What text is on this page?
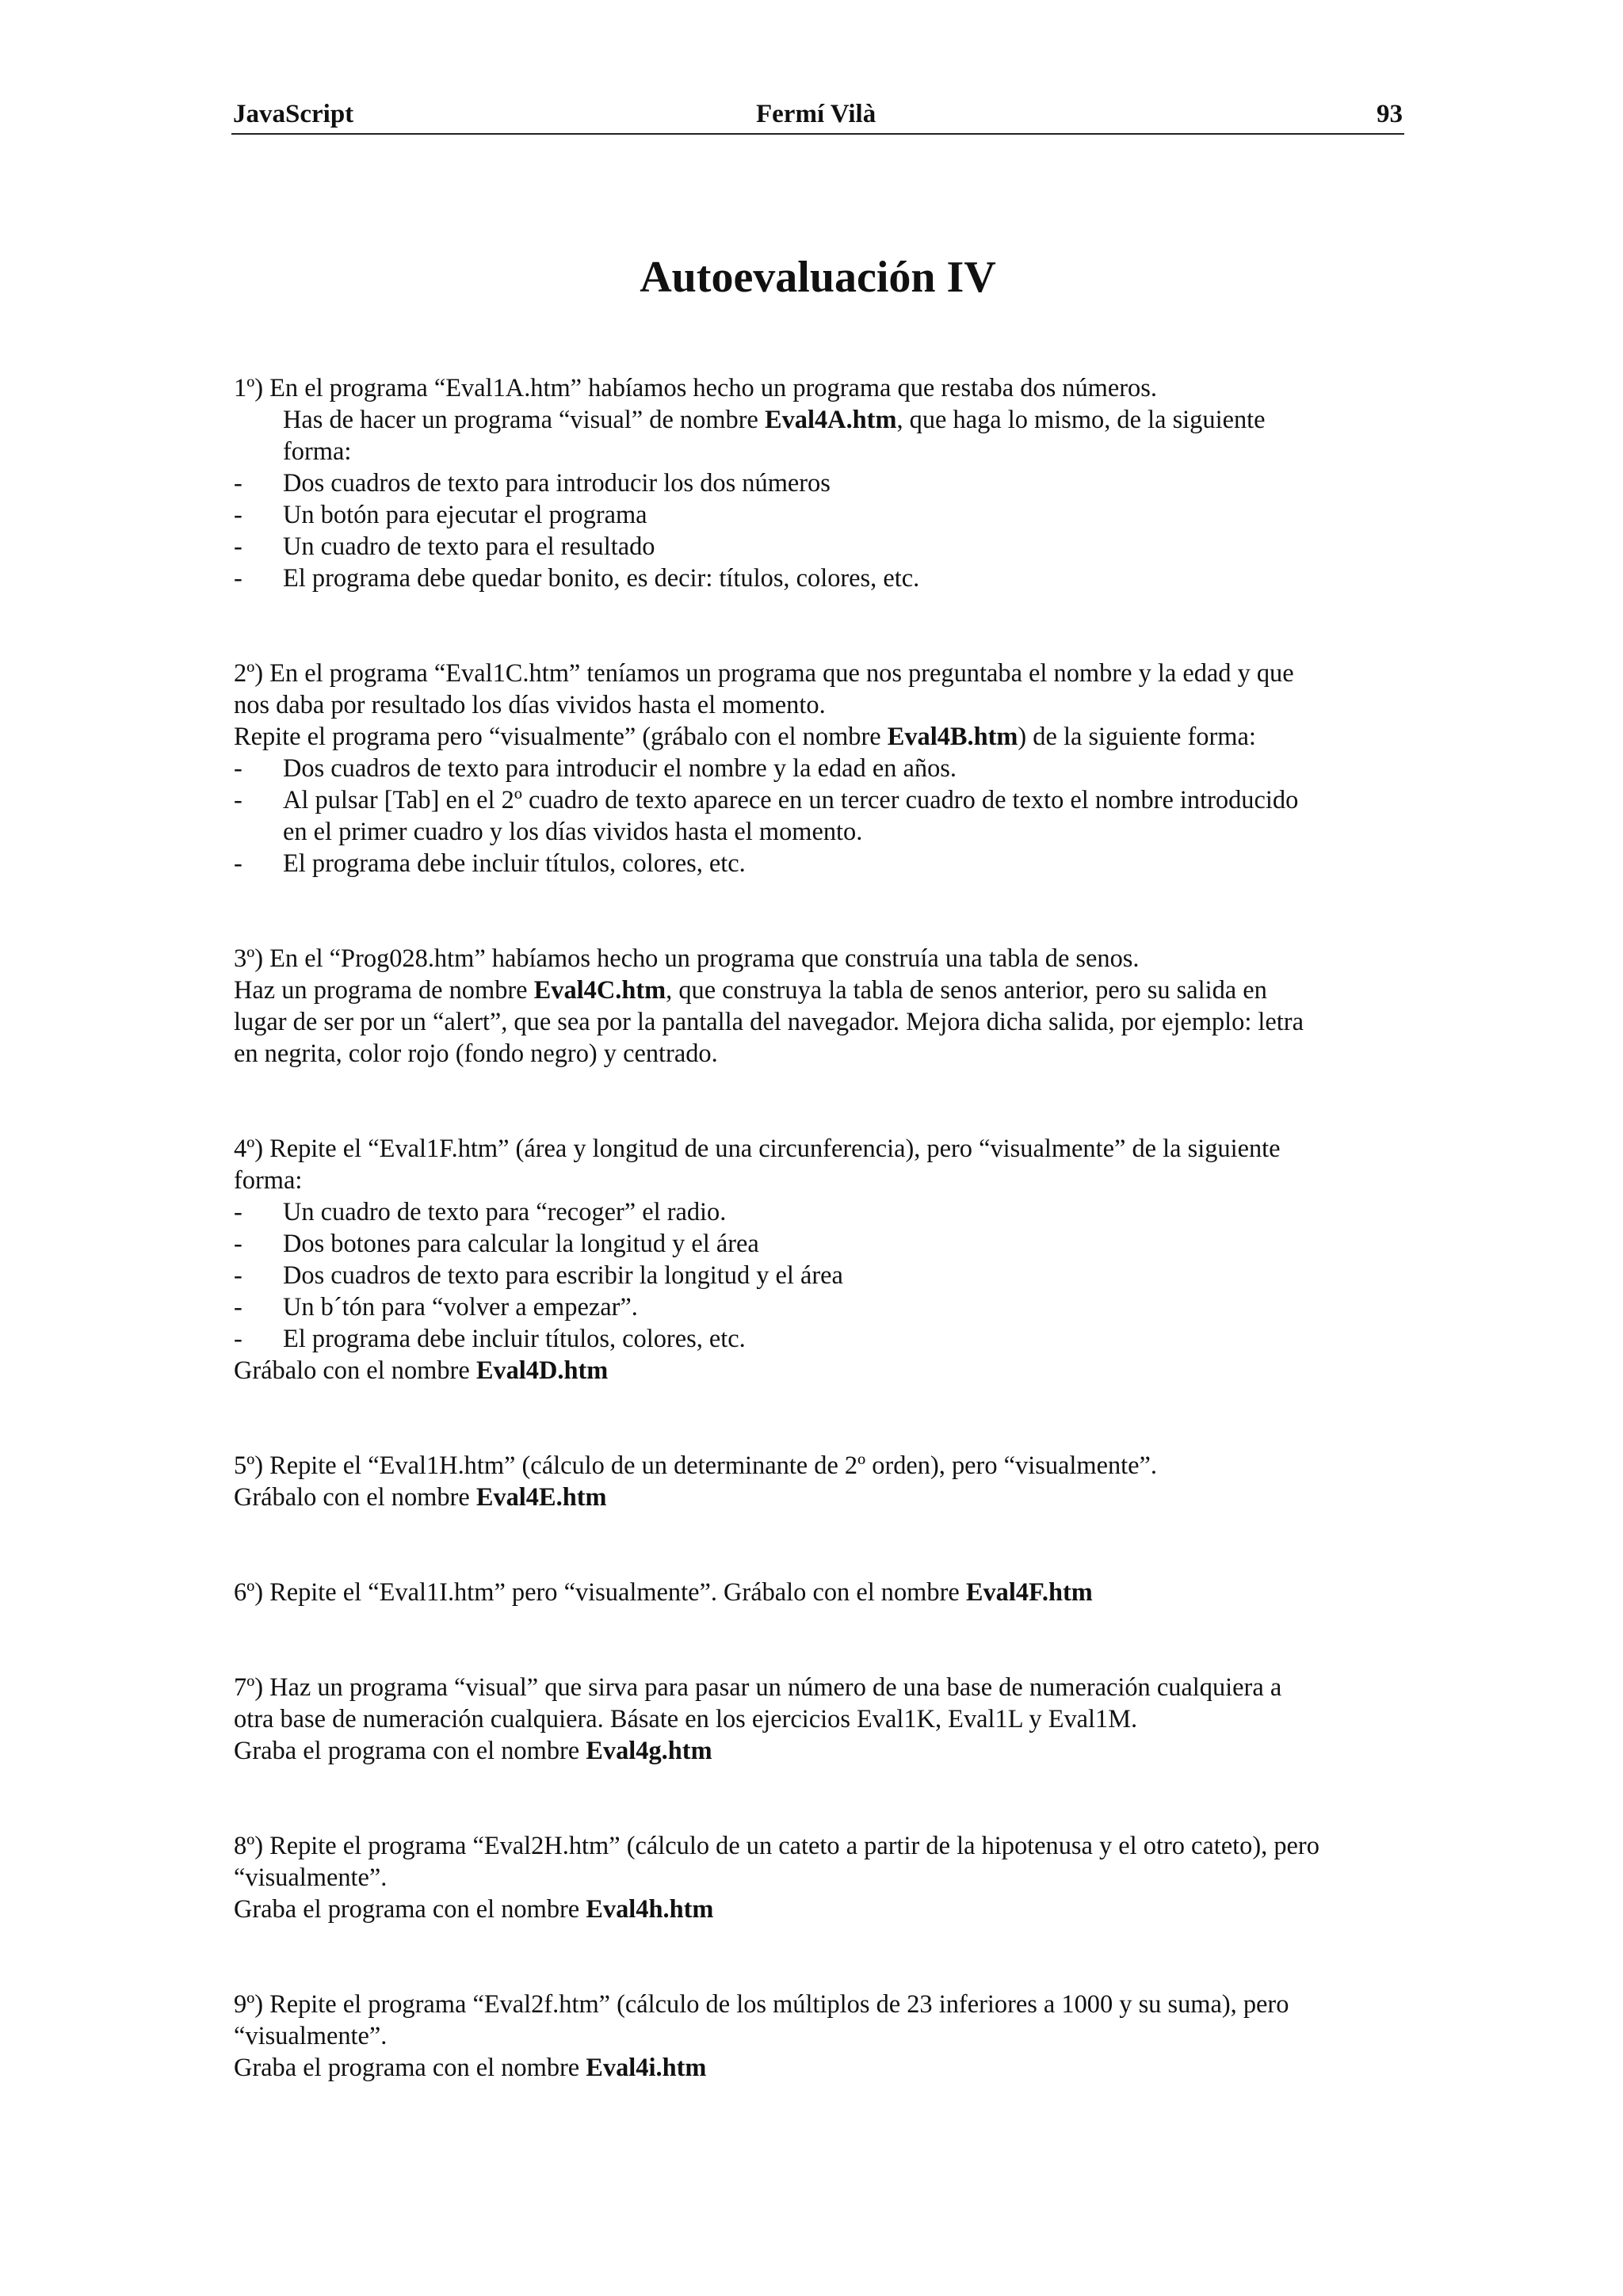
JavaScript	Fermí Vilà	93
Autoevaluación IV

1º) En el programa “Eval1A.htm” habíamos hecho un programa que restaba dos números.

Has de hacer un programa “visual” de nombre Eval4A.htm, que haga lo mismo, de la siguiente

forma:

- Dos cuadros de texto para introducir los dos números

- Un botón para ejecutar el programa

- Un cuadro de texto para el resultado

- El programa debe quedar bonito, es decir: títulos, colores, etc.

2º) En el programa “Eval1C.htm” teníamos un programa que nos preguntaba el nombre y la edad y que

nos daba por resultado los días vividos hasta el momento.

Repite el programa pero “visualmente” (grábalo con el nombre Eval4B.htm) de la siguiente forma:

- Dos cuadros de texto para introducir el nombre y la edad en años.

- Al pulsar [Tab] en el 2º cuadro de texto aparece en un tercer cuadro de texto el nombre introducido

en el primer cuadro y los días vividos hasta el momento.

- El programa debe incluir títulos, colores, etc.

3º) En el “Prog028.htm” habíamos hecho un programa que construía una tabla de senos.

Haz un programa de nombre Eval4C.htm, que construya la tabla de senos anterior, pero su salida en

lugar de ser por un “alert”, que sea por la pantalla del navegador. Mejora dicha salida, por ejemplo: letra

en negrita, color rojo (fondo negro) y centrado.

4º) Repite el “Eval1F.htm” (área y longitud de una circunferencia), pero “visualmente” de la siguiente

forma:

- Un cuadro de texto para “recoger” el radio.

- Dos botones para calcular la longitud y el área

- Dos cuadros de texto para escribir la longitud y el área

- Un b´tón para “volver a empezar”.

- El programa debe incluir títulos, colores, etc.

Grábalo con el nombre Eval4D.htm

5º) Repite el “Eval1H.htm” (cálculo de un determinante de 2º orden), pero “visualmente”.

Grábalo con el nombre Eval4E.htm

6º) Repite el “Eval1I.htm” pero “visualmente”. Grábalo con el nombre Eval4F.htm

7º) Haz un programa “visual” que sirva para pasar un número de una base de numeración cualquiera a

otra base de numeración cualquiera. Básate en los ejercicios Eval1K, Eval1L y Eval1M.

Graba el programa con el nombre Eval4g.htm

8º) Repite el programa “Eval2H.htm” (cálculo de un cateto a partir de la hipotenusa y el otro cateto), pero

“visualmente”.

Graba el programa con el nombre Eval4h.htm

9º) Repite el programa “Eval2f.htm” (cálculo de los múltiplos de 23 inferiores a 1000 y su suma), pero

“visualmente”.

Graba el programa con el nombre Eval4i.htm
